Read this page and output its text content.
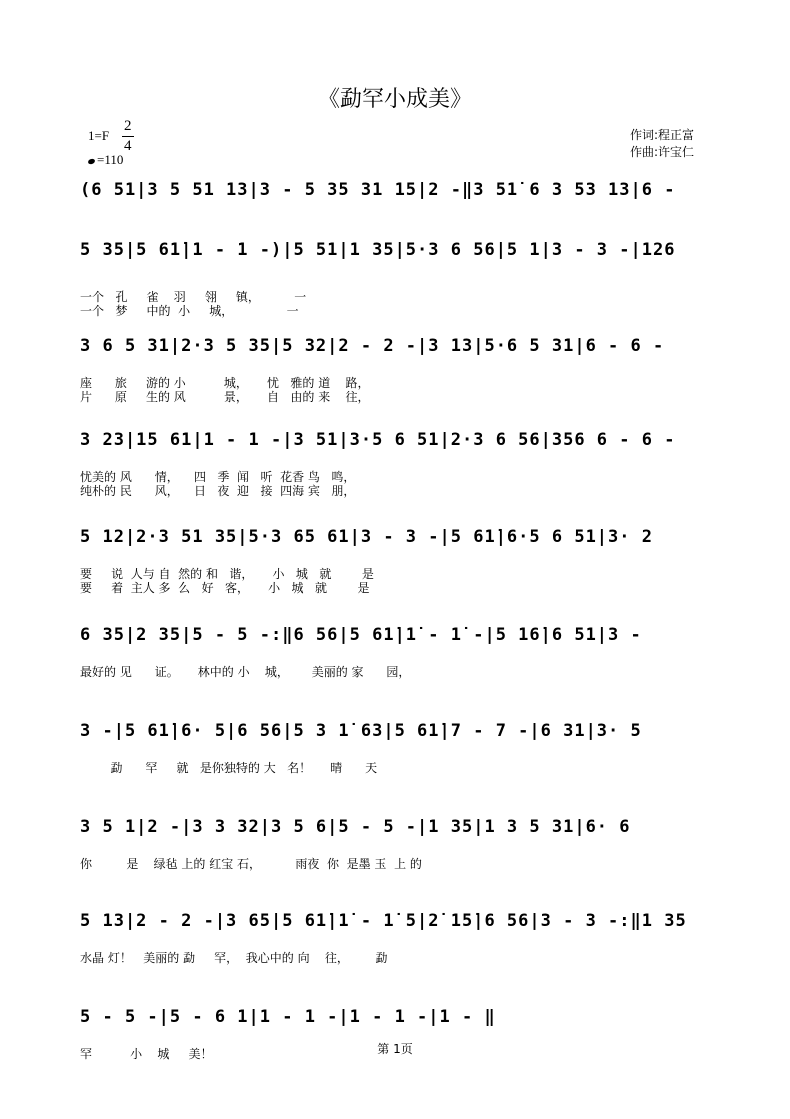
《勐罕小成美》
1=F
2
4
=110
作词:程正富
作曲:许宝仁
(6 51|3 5 51 13|3 - 5 35 31 15|2 -‖3 51̇ 6 3 53 13|6 -
5 35|5 61̇|1 - 1 -)|5 51|1 35|5·3 6 56|5 1|3 - 3 -|126
一个   孔     雀    羽     翎     镇，         一
一个   梦     中的  小     城，              一
3 6 5 31|2·3 5 35|5 32|2 - 2 -|3 13|5·6 5 31|6 - 6 -
座      旅     游的 小          城，     忧   雅的 道    路，
片      原     生的 风          景，     自   由的 来    往，
3 23|15 61|1 - 1 -|3 51|3·5 6 51|2·3 6 56|356 6 - 6 -
忧美的 风      情，    四   季  闻   听  花香 鸟   鸣，
纯朴的 民      风，    日   夜  迎   接  四海 宾   朋，
5 12|2·3 51 35|5·3 65 61|3 - 3 -|5 61̇|6·5 6 51|3· 2
要     说  人与 自  然的 和   谐，     小   城   就        是
要     着  主人 多  么   好   客，     小   城   就        是
6 35|2 35|5 - 5 -:‖6 56|5 61̇|1̇ - 1̇ -|5 16̇|6 51|3 -
最好的 见      证。     林中的 小    城，      美丽的 家      园，
3 -|5 61̇|6· 5|6 56|5 3 1̇ 63|5 61̇|7 - 7 -|6 31|3· 5
勐      罕     就   是你独特的 大   名！     晴      天
3 5 1|2 -|3 3 32|3 5 6|5 - 5 -|1 35|1 3 5 31|6· 6
你         是    绿毡 上的 红宝 石，         雨夜  你  是墨 玉  上 的
5 13|2 - 2 -|3 65|5 61̇|1̇ - 1̇ 5|2̇ 15̇|6 56|3 - 3 -:‖1 35
水晶 灯！   美丽的 勐     罕，  我心中的 向    往，       勐
5 - 5 -|5 - 6 1|1 - 1 -|1 - 1 -|1 - ‖
罕          小    城     美！	第 1页
